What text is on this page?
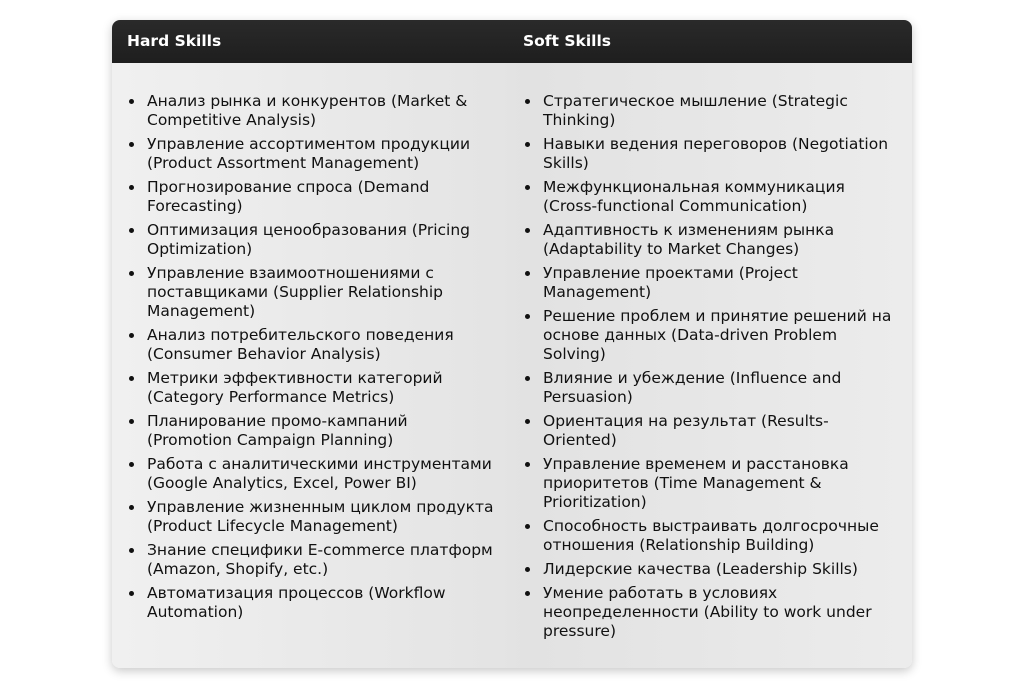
Hard Skills	Soft Skills
Анализ рынка и конкурентов (Market & Competitive Analysis)
Управление ассортиментом продукции (Product Assortment Management)
Прогнозирование спроса (Demand Forecasting)
Оптимизация ценообразования (Pricing Optimization)
Управление взаимоотношениями с поставщиками (Supplier Relationship Management)
Анализ потребительского поведения (Consumer Behavior Analysis)
Метрики эффективности категорий (Category Performance Metrics)
Планирование промо-кампаний (Promotion Campaign Planning)
Работа с аналитическими инструментами (Google Analytics, Excel, Power BI)
Управление жизненным циклом продукта (Product Lifecycle Management)
Знание специфики E-commerce платформ (Amazon, Shopify, etc.)
Автоматизация процессов (Workflow Automation)
Стратегическое мышление (Strategic Thinking)
Навыки ведения переговоров (Negotiation Skills)
Межфункциональная коммуникация (Cross-functional Communication)
Адаптивность к изменениям рынка (Adaptability to Market Changes)
Управление проектами (Project Management)
Решение проблем и принятие решений на основе данных (Data-driven Problem Solving)
Влияние и убеждение (Influence and Persuasion)
Ориентация на результат (Results-Oriented)
Управление временем и расстановка приоритетов (Time Management & Prioritization)
Способность выстраивать долгосрочные отношения (Relationship Building)
Лидерские качества (Leadership Skills)
Умение работать в условиях неопределенности (Ability to work under pressure)
